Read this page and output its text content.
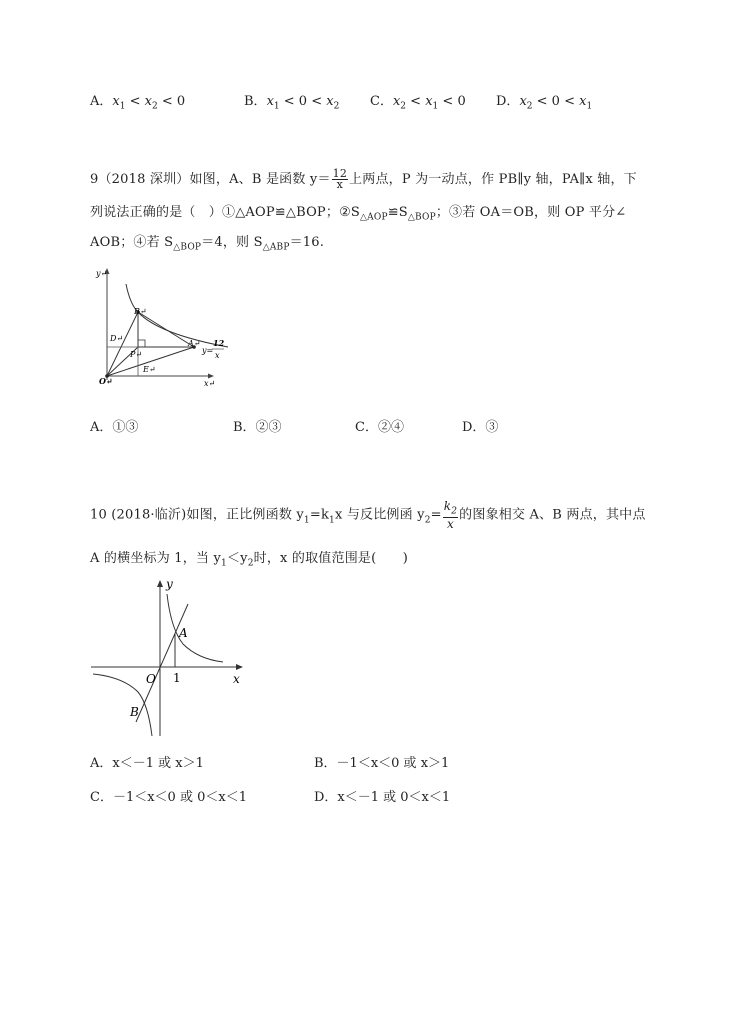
A．$x_1 < x_2 < 0$	B．$x_1 < 0 < x_2$ C．$x_2 < x_1 < 0$ D．$x_2 < 0 < x_1$
9（2018 深圳）如图，A、B 是函数 $y= \frac{12}{x}$ 上两点，P 为一动点，作 PB∥y 轴，PA∥x 轴，下
列说法正确的是（　）①△AOP≌△BOP；$②S_{\triangle AOP}≌S_{\triangle BOP}$；③若 OA＝OB，则 OP 平分∠
AOB；④若 $S_{\triangle BOP}=4$，则 $S_{\triangle ABP}=16$.
y↵
x↵
O↵
B↵
A↵
D↵
P↵
E↵
y=
12
x
A．①③	B．②③	C．②④	D．③
10 (2018·临沂)如图，正比例函数 $y_1=k_1x$ 与反比例函 $y_2= \frac{k_2}{x}$ 的图象相交 A、B 两点，其中点
A 的横坐标为 1，当 $y_1<y_2$时，x 的取值范围是(　　)
y
x
O
A
B
1
A．x＜－1 或 x＞1	B．－1＜x＜0 或 x＞1
C．－1＜x＜0 或 0＜x＜1	D．x＜－1 或 0＜x＜1
